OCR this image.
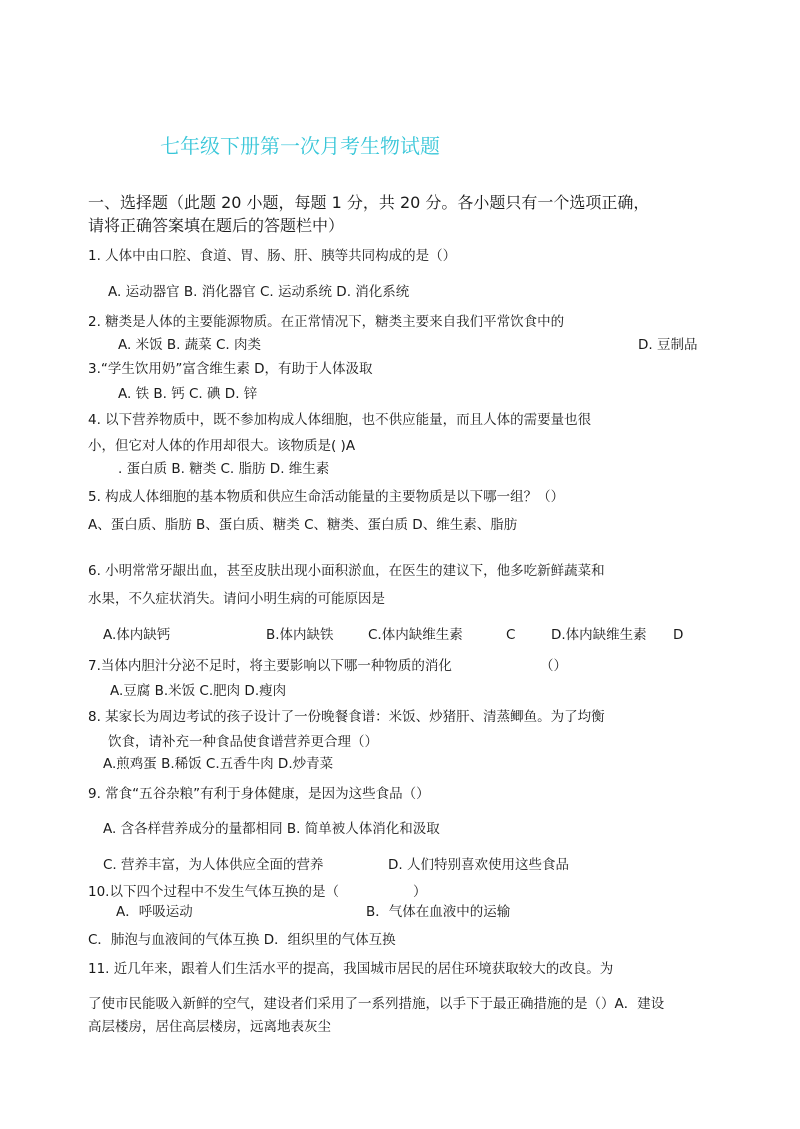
七年级下册第一次月考生物试题
一、选择题（此题 20 小题，每题 1 分，共 20 分。各小题只有一个选项正确，
请将正确答案填在题后的答题栏中）
1. 人体中由口腔、食道、胃、肠、肝、胰等共同构成的是（）
A. 运动器官 B. 消化器官 C. 运动系统 D. 消化系统
2. 糖类是人体的主要能源物质。在正常情况下，糖类主要来自我们平常饮食中的
A. 米饭 B. 蔬菜 C. 肉类	D. 豆制品
3.“学生饮用奶”富含维生素 D，有助于人体汲取
A. 铁 B. 钙 C. 碘 D. 锌
4. 以下营养物质中，既不参加构成人体细胞，也不供应能量，而且人体的需要量也很
小，但它对人体的作用却很大。该物质是( )A
. 蛋白质 B. 糖类 C. 脂肪 D. 维生素
5. 构成人体细胞的基本物质和供应生命活动能量的主要物质是以下哪一组？（）
A、蛋白质、脂肪 B、蛋白质、糖类 C、糖类、蛋白质 D、维生素、脂肪
6. 小明常常牙龈出血，甚至皮肤出现小面积淤血，在医生的建议下，他多吃新鲜蔬菜和
水果，不久症状消失。请问小明生病的可能原因是
A.体内缺钙	B.体内缺铁	C.体内缺维生素	C	D.体内缺维生素 D
7.当体内胆汁分泌不足时，将主要影响以下哪一种物质的消化	（）
A.豆腐 B.米饭 C.肥肉 D.瘦肉
8. 某家长为周边考试的孩子设计了一份晚餐食谱：米饭、炒猪肝、清蒸鲫鱼。为了均衡
饮食，请补充一种食品使食谱营养更合理（）
A.煎鸡蛋 B.稀饭 C.五香牛肉 D.炒青菜
9. 常食“五谷杂粮”有利于身体健康，是因为这些食品（）
A. 含各样营养成分的量都相同 B. 简单被人体消化和汲取
C. 营养丰富，为人体供应全面的营养	D. 人们特别喜欢使用这些食品
10.以下四个过程中不发生气体互换的是（	）
A．呼吸运动	B．气体在血液中的运输
C．肺泡与血液间的气体互换 D．组织里的气体互换
11. 近几年来，跟着人们生活水平的提高，我国城市居民的居住环境获取较大的改良。为
了使市民能吸入新鲜的空气，建设者们采用了一系列措施，以手下于最正确措施的是（）A．建设
高层楼房，居住高层楼房，远离地表灰尘
